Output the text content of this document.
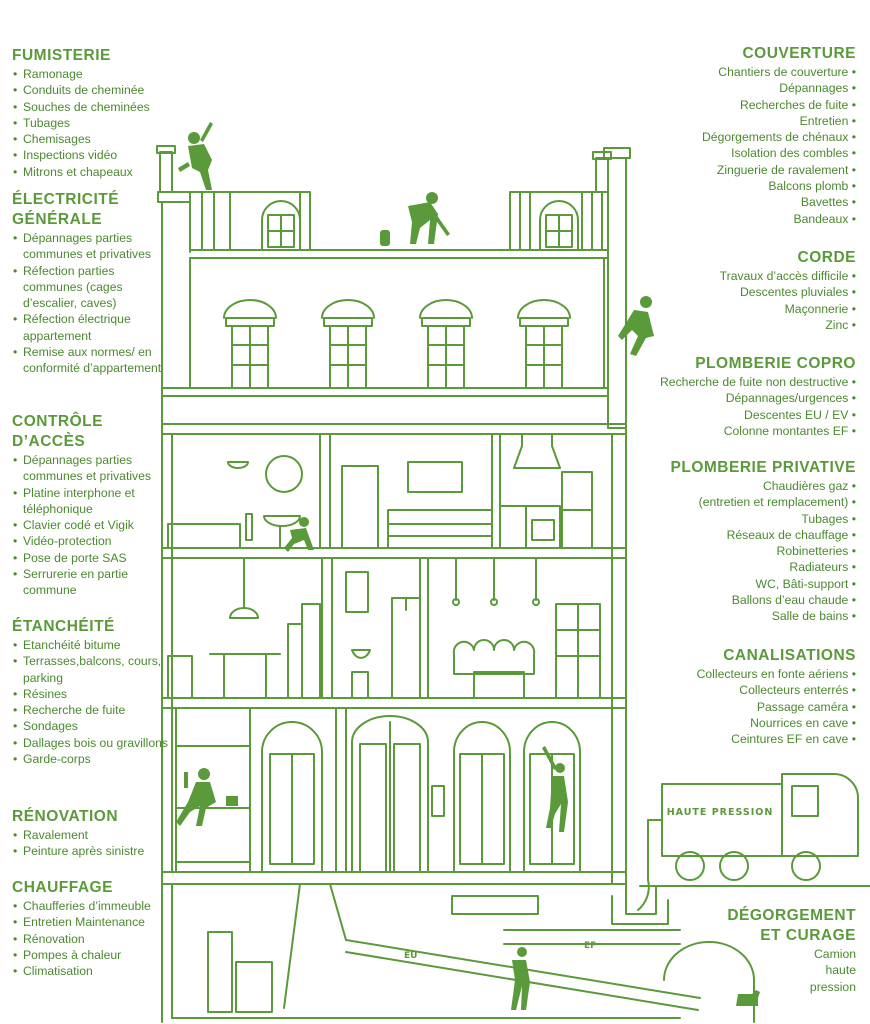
HAUTE PRESSION
EU
EF
FUMISTERIE
• Ramonage
• Conduits de cheminée
• Souches de cheminées
• Tubages
• Chemisages
• Inspections vidéo
• Mitrons et chapeaux
ÉLECTRICITÉ
GÉNÉRALE
• Dépannages parties communes et privatives
• Réfection parties communes (cages d’escalier, caves)
• Réfection électrique appartement
• Remise aux normes/ en conformité d’appartement
CONTRÔLE
D’ACCÈS
• Dépannages parties communes et privatives
• Platine interphone et téléphonique
• Clavier codé et Vigik
• Vidéo-protection
• Pose de porte SAS
• Serrurerie en partie commune
ÉTANCHÉITÉ
• Etanchéité bitume
• Terrasses,balcons, cours, parking
• Résines
• Recherche de fuite
• Sondages
• Dallages bois ou gravillons
• Garde-corps
RÉNOVATION
• Ravalement
• Peinture après sinistre
CHAUFFAGE
• Chaufferies d’immeuble
• Entretien Maintenance
• Rénovation
• Pompes à chaleur
• Climatisation
COUVERTURE
Chantiers de couverture •
Dépannages •
Recherches de fuite •
Entretien •
Dégorgements de chénaux •
Isolation des combles •
Zinguerie de ravalement •
Balcons plomb •
Bavettes •
Bandeaux •
CORDE
Travaux d’accès difficile •
Descentes pluviales •
Maçonnerie •
Zinc •
PLOMBERIE COPRO
Recherche de fuite non destructive •
Dépannages/urgences •
Descentes EU / EV •
Colonne montantes EF •
PLOMBERIE PRIVATIVE
Chaudières gaz •
(entretien et remplacement) •
Tubages •
Réseaux de chauffage •
Robinetteries •
Radiateurs •
WC, Bâti-support •
Ballons d’eau chaude •
Salle de bains •
CANALISATIONS
Collecteurs en fonte aériens •
Collecteurs enterrés •
Passage caméra •
Nourrices en cave •
Ceintures EF en cave •
DÉGORGEMENT
ET CURAGE
Camion
haute
pression
